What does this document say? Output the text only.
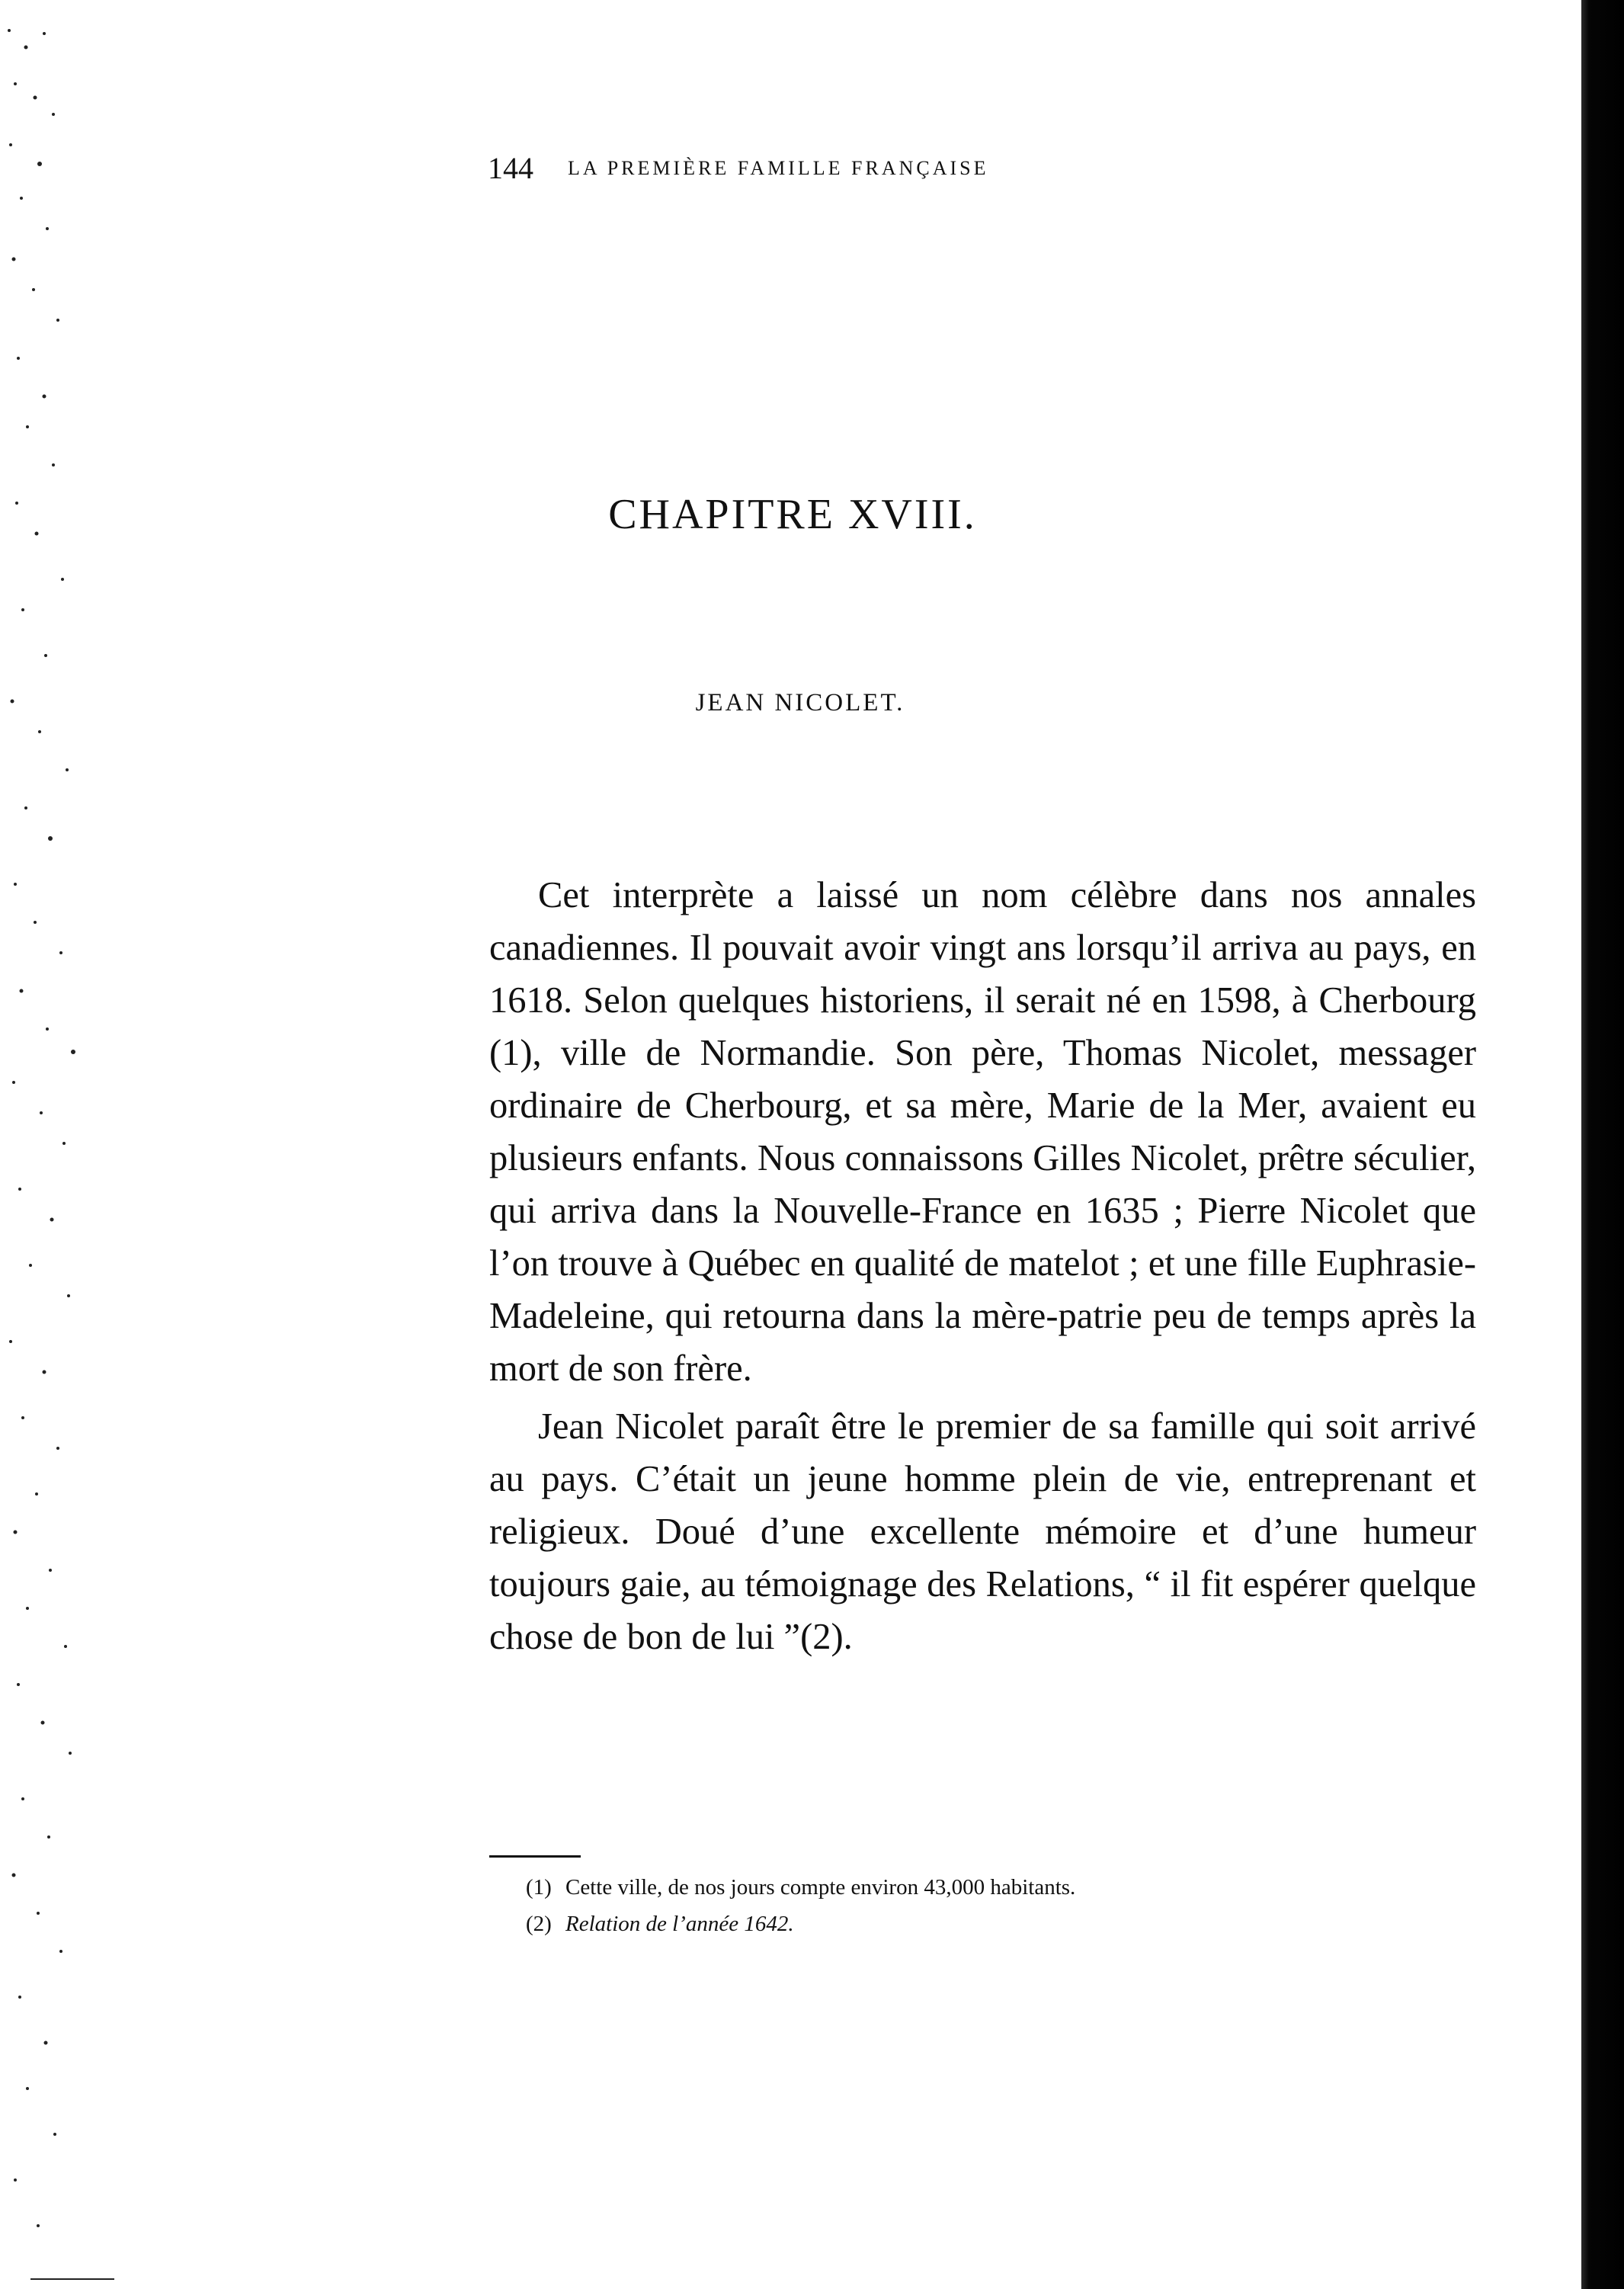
144 LA PREMIÈRE FAMILLE FRANÇAISE
CHAPITRE XVIII.
JEAN NICOLET.

Cet interprète a laissé un nom célèbre dans nos annales canadiennes. Il pouvait avoir vingt ans lorsqu’il arriva au pays, en 1618. Selon quelques historiens, il serait né en 1598, à Cherbourg (1), ville de Normandie. Son père, Thomas Nicolet, messager ordinaire de Cherbourg, et sa mère, Marie de la Mer, avaient eu plusieurs enfants. Nous connaissons Gilles Nicolet, prêtre séculier, qui arriva dans la Nouvelle-France en 1635 ; Pierre Nicolet que l’on trouve à Québec en qualité de matelot ; et une fille Euphrasie-Madeleine, qui retourna dans la mère-patrie peu de temps après la mort de son frère.

Jean Nicolet paraît être le premier de sa famille qui soit arrivé au pays. C’était un jeune homme plein de vie, entreprenant et religieux. Doué d’une excellente mémoire et d’une humeur toujours gaie, au témoignage des Relations, “ il fit espérer quelque chose de bon de lui ”(2).

(1) Cette ville, de nos jours compte environ 43,000 habitants.
(2) Relation de l’année 1642.
